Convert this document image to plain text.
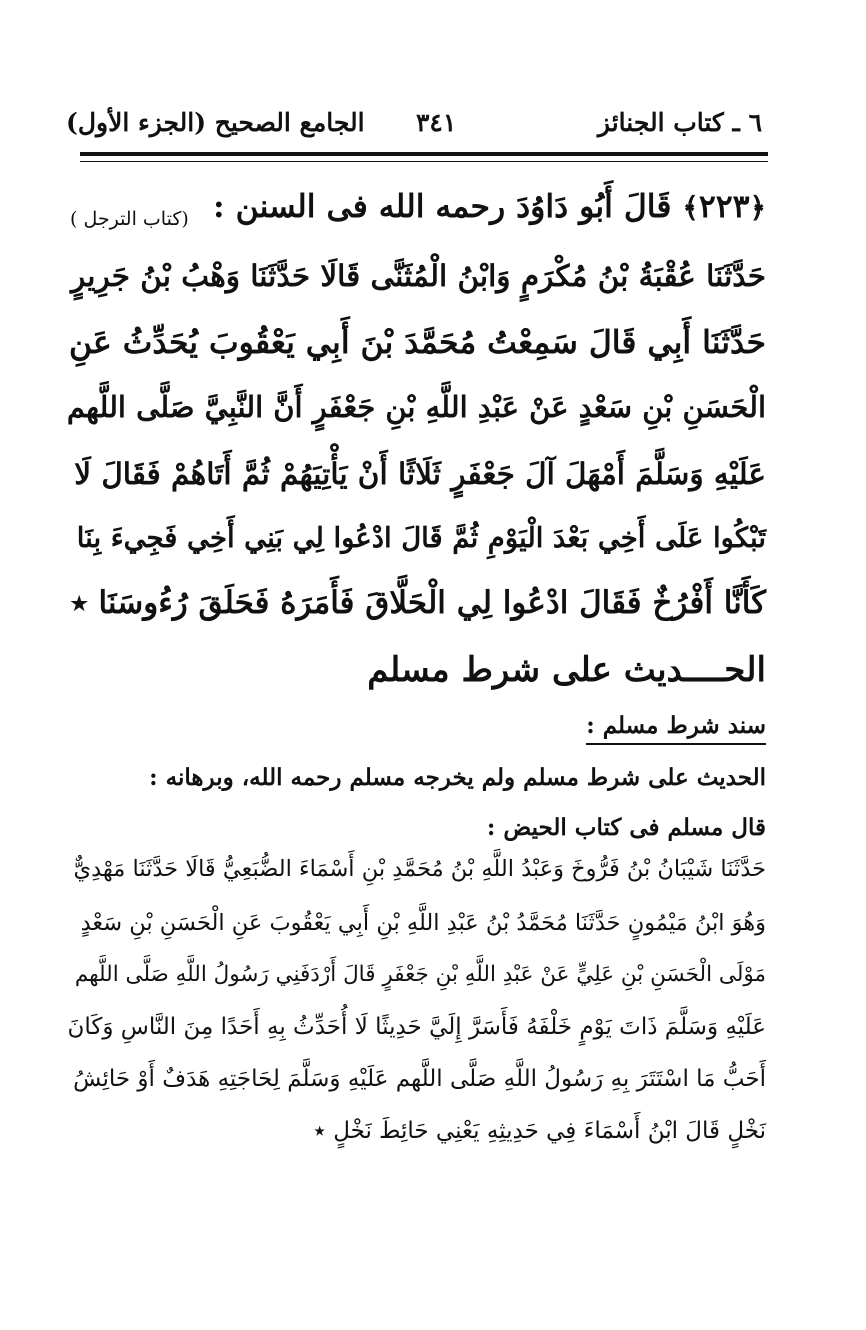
٦ ـ كتاب الجنائز
٣٤١
الجامع الصحيح (الجزء الأول)
﴿٢٢٣﴾ قَالَ أَبُو دَاوُدَ رحمه الله فى السنن :
(كتاب الترجل )
حَدَّثَنَا عُقْبَةُ بْنُ مُكْرَمٍ وَابْنُ الْمُثَنَّى قَالَا حَدَّثَنَا وَهْبُ بْنُ جَرِيرٍ
حَدَّثَنَا أَبِي قَالَ سَمِعْتُ مُحَمَّدَ بْنَ أَبِي يَعْقُوبَ يُحَدِّثُ عَنِ
الْحَسَنِ بْنِ سَعْدٍ عَنْ عَبْدِ اللَّهِ بْنِ جَعْفَرٍ أَنَّ النَّبِيَّ صَلَّى اللَّهم
عَلَيْهِ وَسَلَّمَ أَمْهَلَ آلَ جَعْفَرٍ ثَلَاثًا أَنْ يَأْتِيَهُمْ ثُمَّ أَتَاهُمْ فَقَالَ لَا
تَبْكُوا عَلَى أَخِي بَعْدَ الْيَوْمِ ثُمَّ قَالَ ادْعُوا لِي بَنِي أَخِي فَجِيءَ بِنَا
كَأَنَّا أَفْرُخٌ فَقَالَ ادْعُوا لِي الْحَلَّاقَ فَأَمَرَهُ فَحَلَقَ رُءُوسَنَا ٭
الحــــديث على شرط مسلم
سند شرط مسلم :
الحديث على شرط مسلم ولم يخرجه مسلم رحمه الله، وبرهانه :
قال مسلم فى كتاب الحيض :
حَدَّثَنَا شَيْبَانُ بْنُ فَرُّوخَ وَعَبْدُ اللَّهِ بْنُ مُحَمَّدِ بْنِ أَسْمَاءَ الضُّبَعِيُّ قَالَا حَدَّثَنَا مَهْدِيٌّ
وَهُوَ ابْنُ مَيْمُونٍ حَدَّثَنَا مُحَمَّدُ بْنُ عَبْدِ اللَّهِ بْنِ أَبِي يَعْقُوبَ عَنِ الْحَسَنِ بْنِ سَعْدٍ
مَوْلَى الْحَسَنِ بْنِ عَلِيٍّ عَنْ عَبْدِ اللَّهِ بْنِ جَعْفَرٍ قَالَ أَرْدَفَنِي رَسُولُ اللَّهِ صَلَّى اللَّهم
عَلَيْهِ وَسَلَّمَ ذَاتَ يَوْمٍ خَلْفَهُ فَأَسَرَّ إِلَيَّ حَدِيثًا لَا أُحَدِّثُ بِهِ أَحَدًا مِنَ النَّاسِ وَكَانَ
أَحَبُّ مَا اسْتَتَرَ بِهِ رَسُولُ اللَّهِ صَلَّى اللَّهم عَلَيْهِ وَسَلَّمَ لِحَاجَتِهِ هَدَفٌ أَوْ حَائِشُ
نَخْلٍ قَالَ ابْنُ أَسْمَاءَ فِي حَدِيثِهِ يَعْنِي حَائِطَ نَخْلٍ ٭
